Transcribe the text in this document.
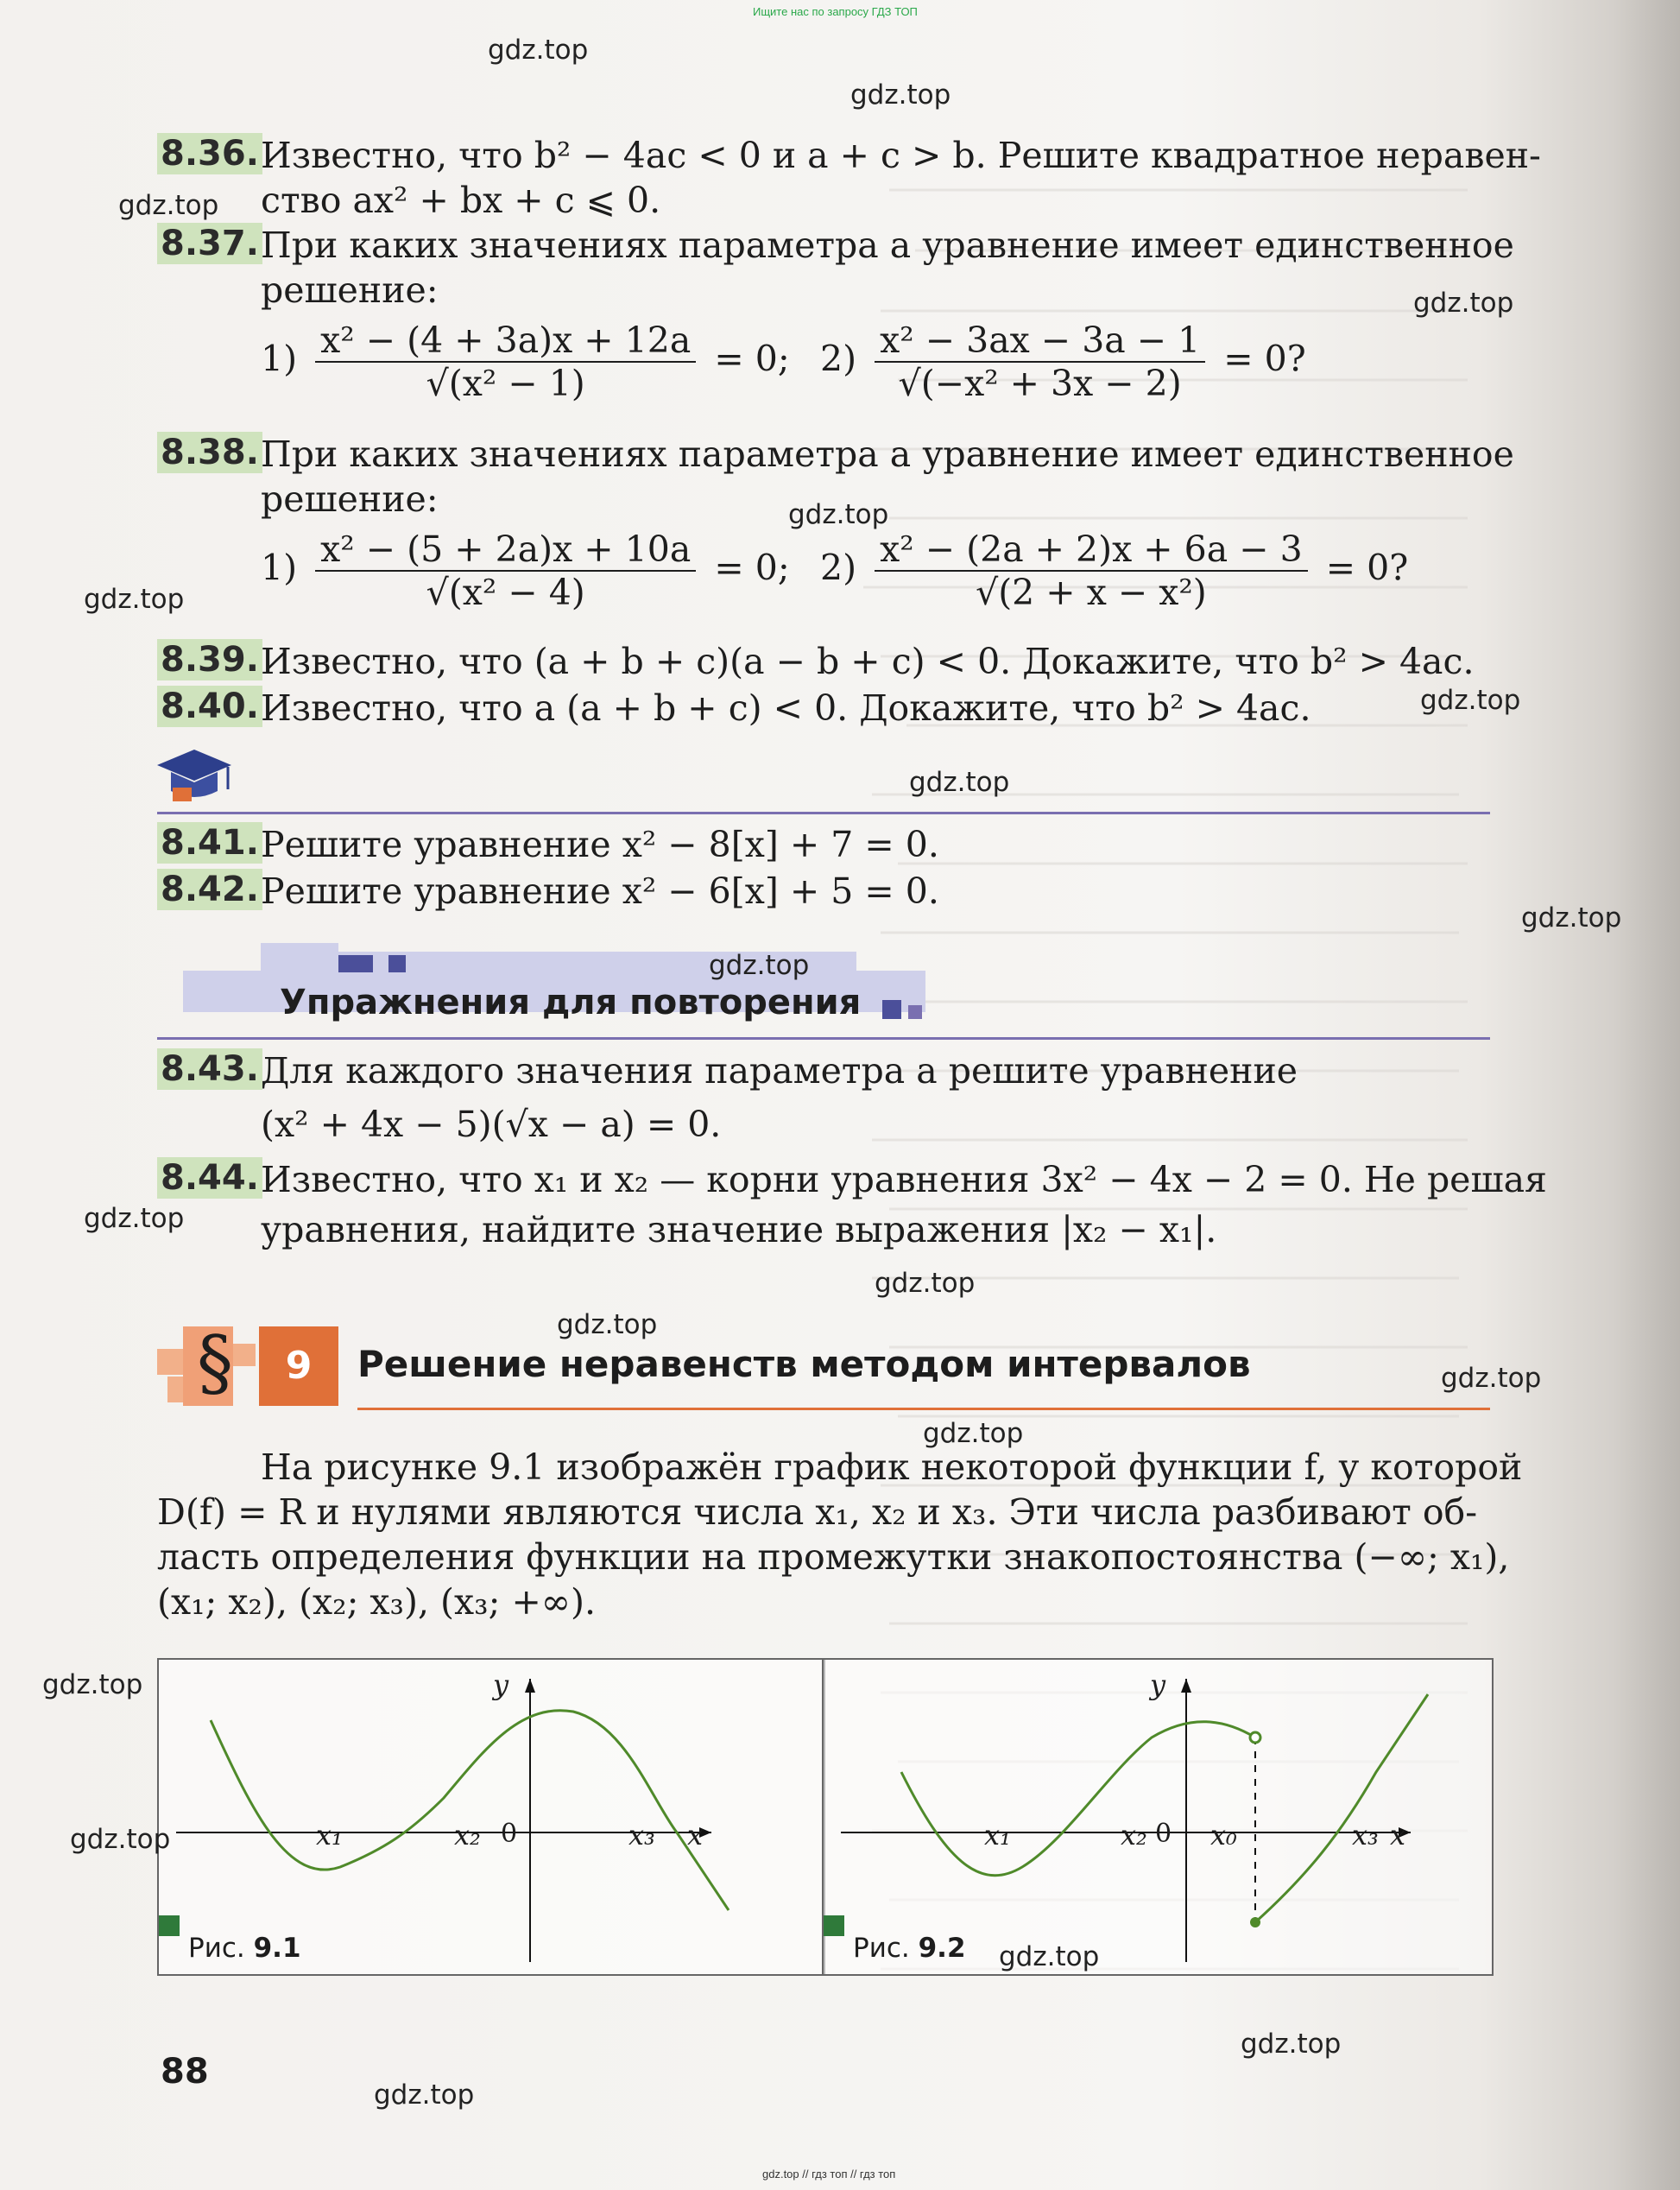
Ищите нас по запросу ГДЗ ТОП
8.36. Известно, что b² − 4ac < 0 и a + c > b. Решите квадратное неравен-
ство ax² + bx + c ⩽ 0.
8.37. При каких значениях параметра a уравнение имеет единственное
решение:
$1) \frac{\text{x² − (4 + 3a)x + 12a}}{\text{√(x² − 1)}} = 0$; $2) \frac{\text{x² − 3ax − 3a − 1}}{\text{√(−x² + 3x − 2)}} = 0$?
8.38. При каких значениях параметра a уравнение имеет единственное
решение:
$1) \frac{\text{x² − (5 + 2a)x + 10a}}{\text{√(x² − 4)}} = 0$; $2) \frac{\text{x² − (2a + 2)x + 6a − 3}}{\text{√(2 + x − x²)}} = 0$?
8.39. Известно, что (a + b + c)(a − b + c) < 0. Докажите, что b² > 4ac.
8.40. Известно, что a (a + b + c) < 0. Докажите, что b² > 4ac.
8.41. Решите уравнение x² − 8[x] + 7 = 0.
8.42. Решите уравнение x² − 6[x] + 5 = 0.
Упражнения для повторения
8.43. Для каждого значения параметра a решите уравнение
(x² + 4x − 5)(√x − a) = 0.
8.44. Известно, что x₁ и x₂ — корни уравнения 3x² − 4x − 2 = 0. Не решая
уравнения, найдите значение выражения |x₂ − x₁|.
§	9	Решение неравенств методом интервалов
На рисунке 9.1 изображён график некоторой функции f, у которой
D(f) = R и нулями являются числа x₁, x₂ и x₃. Эти числа разбивают об-
ласть определения функции на промежутки знакопостоянства (−∞; x₁),
(x₁; x₂), (x₂; x₃), (x₃; +∞).
y
x
0
x₁	x₂	x₃
Рис. 9.1
y
x
0
x₁	x₂ x₀	x₃
Рис. 9.2
88
gdz.top
gdz.top
gdz.top
gdz.top
gdz.top
gdz.top
gdz.top
gdz.top
gdz.top
gdz.top
gdz.top
gdz.top
gdz.top
gdz.top
gdz.top
gdz.top
gdz.top
gdz.top
gdz.top
gdz.top
gdz.top // гдз топ // гдз топ
